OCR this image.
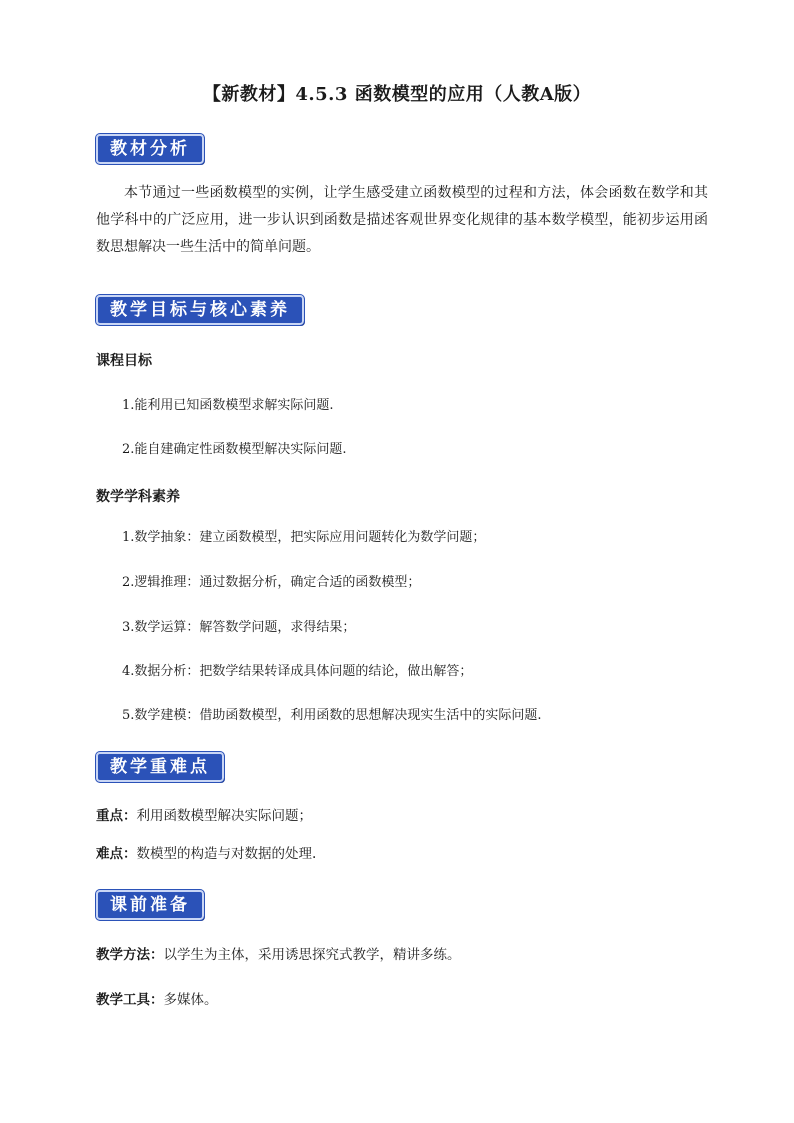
【新教材】4.5.3 函数模型的应用（人教A版）
教材分析
本节通过一些函数模型的实例，让学生感受建立函数模型的过程和方法，体会函数在数学和其他学科中的广泛应用，进一步认识到函数是描述客观世界变化规律的基本数学模型，能初步运用函数思想解决一些生活中的简单问题。
教学目标与核心素养
课程目标
1.能利用已知函数模型求解实际问题.
2.能自建确定性函数模型解决实际问题.
数学学科素养
1.数学抽象：建立函数模型，把实际应用问题转化为数学问题；
2.逻辑推理：通过数据分析，确定合适的函数模型；
3.数学运算：解答数学问题，求得结果；
4.数据分析：把数学结果转译成具体问题的结论，做出解答；
5.数学建模：借助函数模型，利用函数的思想解决现实生活中的实际问题.
教学重难点
重点：利用函数模型解决实际问题；
难点：数模型的构造与对数据的处理.
课前准备
教学方法：以学生为主体，采用诱思探究式教学，精讲多练。
教学工具：多媒体。
